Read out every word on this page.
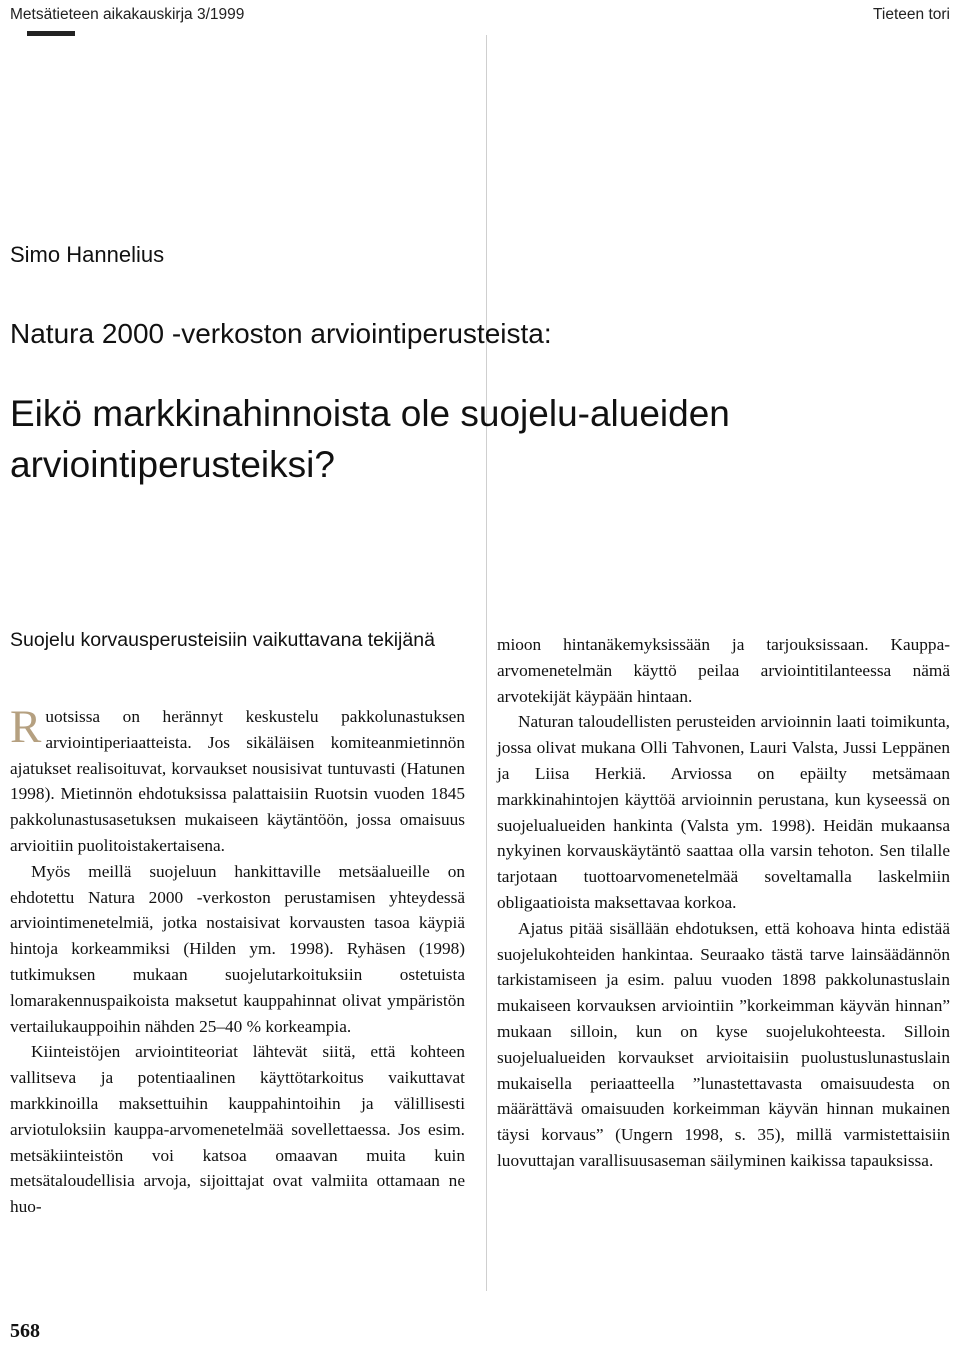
Metsätieteen aikakauskirja 3/1999	Tieteen tori
Simo Hannelius
Natura 2000 -verkoston arviointiperusteista:
Eikö markkinahinnoista ole suojelu-alueiden arviointiperusteiksi?
Suojelu korvausperusteisiin vaikuttavana tekijänä

Ruotsissa on herännyt keskustelu pakkolunastuksen arviointiperiaatteista. Jos sikäläisen komiteanmietinnön ajatukset realisoituvat, korvaukset nousisivat tuntuvasti (Hatunen 1998). Mietinnön ehdotuksissa palattaisiin Ruotsin vuoden 1845 pakkolunastusasetuksen mukaiseen käytäntöön, jossa omaisuus arvioitiin puolitoistakertaisena.

Myös meillä suojeluun hankittaville metsäalueille on ehdotettu Natura 2000 -verkoston perustamisen yhteydessä arviointimenetelmiä, jotka nostaisivat korvausten tasoa käypiä hintoja korkeammiksi (Hilden ym. 1998). Ryhäsen (1998) tutkimuksen mukaan suojelutarkoituksiin ostetuista lomarakennuspaikoista maksetut kauppahinnat olivat ympäristön vertailukauppoihin nähden 25–40 % korkeampia.

Kiinteistöjen arviointiteoriat lähtevät siitä, että kohteen vallitseva ja potentiaalinen käyttötarkoitus vaikuttavat markkinoilla maksettuihin kauppahintoihin ja välillisesti arviotuloksiin kauppa-arvomenetelmää sovellettaessa. Jos esim. metsäkiinteistön voi katsoa omaavan muita kuin metsätaloudellisia arvoja, sijoittajat ovat valmiita ottamaan ne huo-

mioon hintanäkemyksissään ja tarjouksissaan. Kauppa-arvomenetelmän käyttö peilaa arviointitilanteessa nämä arvotekijät käypään hintaan.

Naturan taloudellisten perusteiden arvioinnin laati toimikunta, jossa olivat mukana Olli Tahvonen, Lauri Valsta, Jussi Leppänen ja Liisa Herkiä. Arviossa on epäilty metsämaan markkinahintojen käyttöä arvioinnin perustana, kun kyseessä on suojelualueiden hankinta (Valsta ym. 1998). Heidän mukaansa nykyinen korvauskäytäntö saattaa olla varsin tehoton. Sen tilalle tarjotaan tuottoarvomenetelmää soveltamalla laskelmiin obligaatioista maksettavaa korkoa.

Ajatus pitää sisällään ehdotuksen, että kohoava hinta edistää suojelukohteiden hankintaa. Seuraako tästä tarve lainsäädännön tarkistamiseen ja esim. paluu vuoden 1898 pakkolunastuslain mukaiseen korvauksen arviointiin ”korkeimman käyvän hinnan” mukaan silloin, kun on kyse suojelukohteesta. Silloin suojelualueiden korvaukset arvioitaisiin puolustuslunastuslain mukaisella periaatteella ”lunastettavasta omaisuudesta on määrättävä omaisuuden korkeimman käyvän hinnan mukainen täysi korvaus” (Ungern 1998, s. 35), millä varmistettaisiin luovuttajan varallisuusaseman säilyminen kaikissa tapauksissa.

568
